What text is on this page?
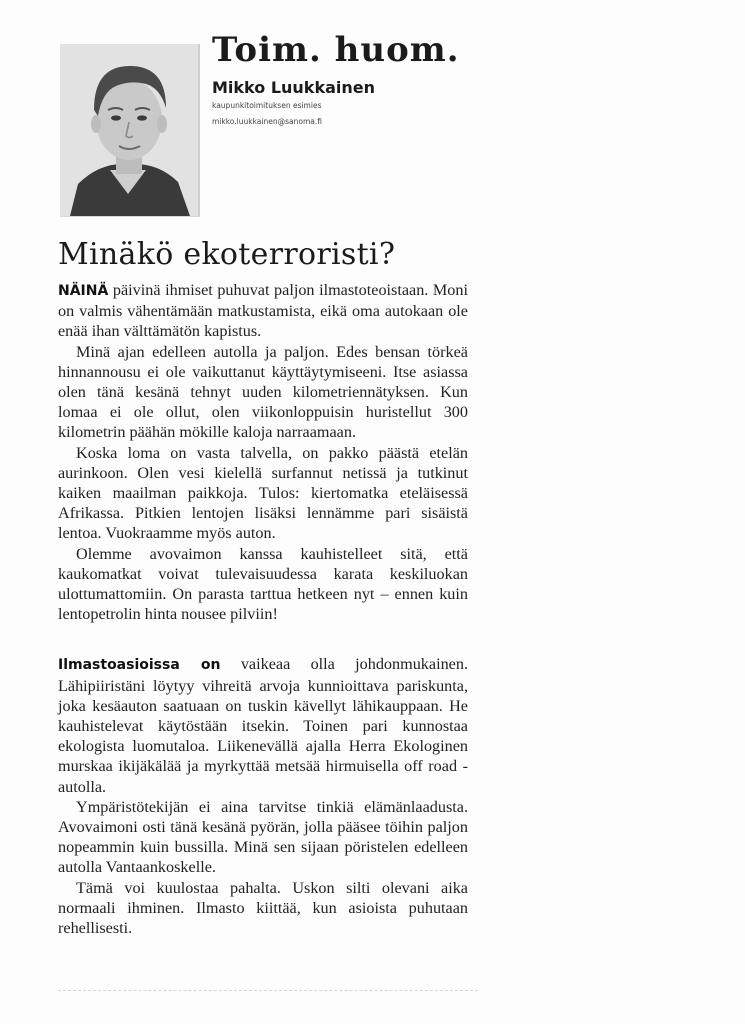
Toim. huom.
Mikko Luukkainen
kaupunkitoimituksen esimies
mikko.luukkainen@sanoma.fi
Minäkö ekoterroristi?

NÄINÄ päivinä ihmiset puhuvat paljon ilmastoteoistaan. Moni on valmis vähentämään matkustamista, eikä oma autokaan ole enää ihan välttämätön kapistus.

Minä ajan edelleen autolla ja paljon. Edes bensan törkeä hinnannousu ei ole vaikuttanut käyttäytymiseeni. Itse asiassa olen tänä kesänä tehnyt uuden kilometriennätyksen. Kun lomaa ei ole ollut, olen viikonloppuisin huristellut 300 kilometrin päähän mökille kaloja narraamaan.

Koska loma on vasta talvella, on pakko päästä etelän aurinkoon. Olen vesi kielellä surfannut netissä ja tutkinut kaiken maailman paikkoja. Tulos: kiertomatka eteläisessä Afrikassa. Pitkien lentojen lisäksi lennämme pari sisäistä lentoa. Vuokraamme myös auton.

Olemme avovaimon kanssa kauhistelleet sitä, että kaukomatkat voivat tulevaisuudessa karata keskiluokan ulottumattomiin. On parasta tarttua hetkeen nyt – ennen kuin lentopetrolin hinta nousee pilviin!

Ilmastoasioissa on vaikeaa olla johdonmukainen. Lähipiiristäni löytyy vihreitä arvoja kunnioittava pariskunta, joka kesäauton saatuaan on tuskin kävellyt lähikauppaan. He kauhistelevat käytöstään itsekin. Toinen pari kunnostaa ekologista luomutaloa. Liikenevällä ajalla Herra Ekologinen murskaa ikijäkälää ja myrkyttää metsää hirmuisella off road -autolla.

Ympäristötekijän ei aina tarvitse tinkiä elämänlaadusta. Avovaimoni osti tänä kesänä pyörän, jolla pääsee töihin paljon nopeammin kuin bussilla. Minä sen sijaan pöristelen edelleen autolla Vantaankoskelle.

Tämä voi kuulostaa pahalta. Uskon silti olevani aika normaali ihminen. Ilmasto kiittää, kun asioista puhutaan rehellisesti.
